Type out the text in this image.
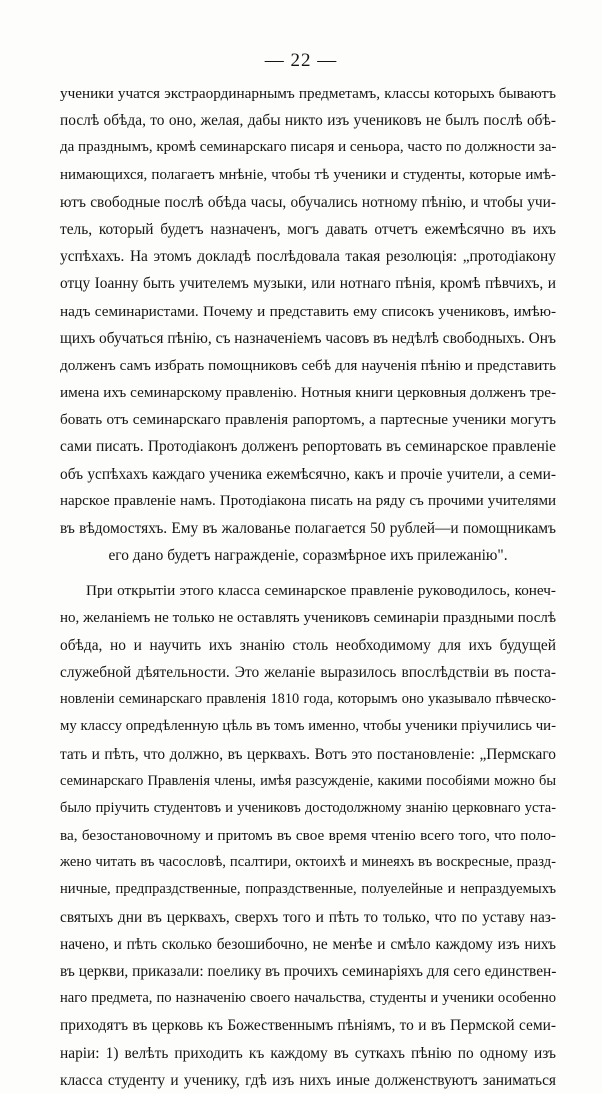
— 22 —
ученики учатся экстраординарнымъ предметамъ, классы которыхъ бываютъ
послѣ обѣда, то оно, желая, дабы никто изъ учениковъ не былъ послѣ обѣ-
да празднымъ, кромѣ семинарскаго писаря и сеньора, часто по должности за-
нимающихся, полагаетъ мнѣніе, чтобы тѣ ученики и студенты, которые имѣ-
ютъ свободные послѣ обѣда часы, обучались нотному пѣнію, и чтобы учи-
тель, который будетъ назначенъ, могъ давать отчетъ ежемѣсячно въ ихъ
успѣхахъ. На этомъ докладѣ послѣдовала такая резолюція: „протодіакону
отцу Іоанну быть учителемъ музыки, или нотнаго пѣнія, кромѣ пѣвчихъ, и
надъ семинаристами. Почему и представить ему списокъ учениковъ, имѣю-
щихъ обучаться пѣнію, съ назначеніемъ часовъ въ недѣлѣ свободныхъ. Онъ
долженъ самъ избрать помощниковъ себѣ для наученія пѣнію и представить
имена ихъ семинарскому правленію. Нотныя книги церковныя долженъ тре-
бовать отъ семинарскаго правленія рапортомъ, а партесные ученики могутъ
сами писать. Протодіаконъ долженъ репортовать въ семинарское правленіе
объ успѣхахъ каждаго ученика ежемѣсячно, какъ и прочіе учители, а семи-
нарское правленіе намъ. Протодіакона писать на ряду съ прочими учителями
въ вѣдомостяхъ. Ему въ жалованье полагается 50 рублей—и помощникамъ
его дано будетъ награжденіе, соразмѣрное ихъ прилежанію".
При открытіи этого класса семинарское правленіе руководилось, конеч-
но, желаніемъ не только не оставлять учениковъ семинаріи праздными послѣ
обѣда, но и научить ихъ знанію столь необходимому для ихъ будущей
служебной дѣятельности. Это желаніе выразилось впослѣдствіи въ поста-
новленіи семинарскаго правленія 1810 года, которымъ оно указывало пѣвческо-
му классу опредѣленную цѣль въ томъ именно, чтобы ученики пріучились чи-
тать и пѣть, что должно, въ церквахъ. Вотъ это постановленіе: „Пермскаго
семинарскаго Правленія члены, имѣя разсужденіе, какими пособіями можно бы
было пріучить студентовъ и учениковъ достодолжному знанію церковнаго уста-
ва, безостановочному и притомъ въ свое время чтенію всего того, что поло-
жено читать въ часословѣ, псалтири, октоихѣ и минеяхъ въ воскресные, празд-
ничные, предпраздственные, попраздственные, полуелейные и непраздуемыхъ
святыхъ дни въ церквахъ, сверхъ того и пѣть то только, что по уставу наз-
начено, и пѣть сколько безошибочно, не менѣе и смѣло каждому изъ нихъ
въ церкви, приказали: поелику въ прочихъ семинаріяхъ для сего единствен-
наго предмета, по назначенію своего начальства, студенты и ученики особенно
приходятъ въ церковь къ Божественнымъ пѣніямъ, то и въ Пермской семи-
наріи: 1) велѣть приходить къ каждому въ суткахъ пѣнію по одному изъ
класса студенту и ученику, гдѣ изъ нихъ иные долженствуютъ заниматься
